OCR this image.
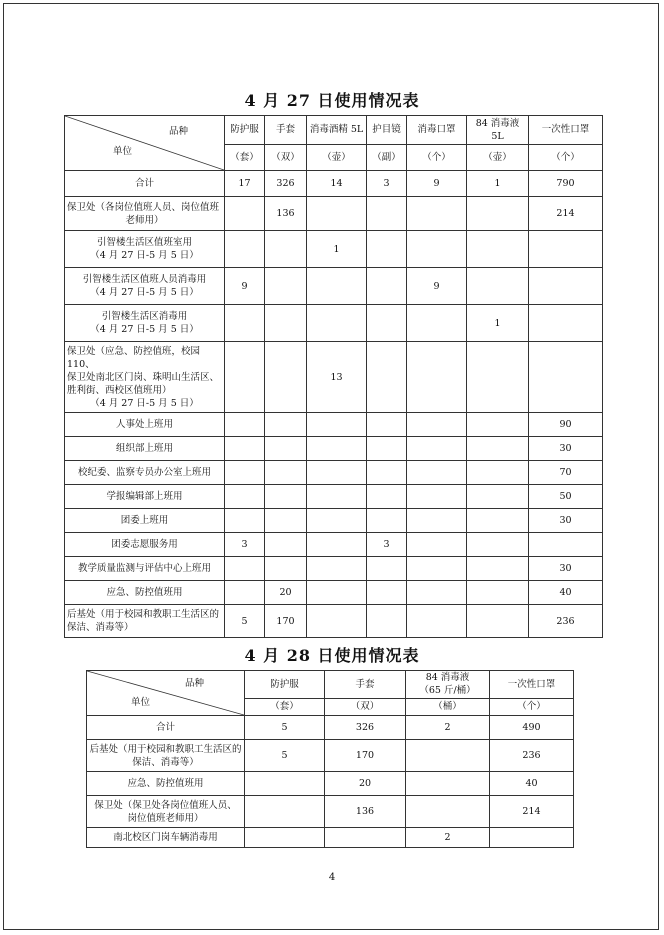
4 月 27 日使用情况表
品种
单位	防护服	手套	消毒酒精 5L	护目镜	消毒口罩	84 消毒液 5L	一次性口罩
	（套）	（双）	（壶）	（副）	（个）	（壶）	（个）

合计	17	326	14	3	9	1	790

保卫处（各岗位值班人员、岗位值班
老师用）		136					214

引智楼生活区值班室用
（4 月 27 日-5 月 5 日）			1				

引智楼生活区值班人员消毒用
（4 月 27 日-5 月 5 日）	9				9		

引智楼生活区消毒用
（4 月 27 日-5 月 5 日）						1	

保卫处（应急、防控值班，校园 110、
保卫处南北区门岗、珠明山生活区、
胜利街、西校区值班用）
（4 月 27 日-5 月 5 日）			13				

人事处上班用							90

组织部上班用							30

校纪委、监察专员办公室上班用							70

学报编辑部上班用							50

团委上班用							30

团委志愿服务用	3			3			

教学质量监测与评估中心上班用							30

应急、防控值班用		20					40

后基处（用于校园和教职工生活区的
保洁、消毒等）	5	170					236
4 月 28 日使用情况表
品种
单位	防护服	手套	84 消毒液
（65 斤/桶）	一次性口罩

	（套）	（双）	（桶）	（个）

合计	5	326	2	490

后基处（用于校园和教职工生活区的
保洁、消毒等）	5	170		236

应急、防控值班用		20		40

保卫处（保卫处各岗位值班人员、
岗位值班老师用）		136		214

南北校区门岗车辆消毒用			2	
4
